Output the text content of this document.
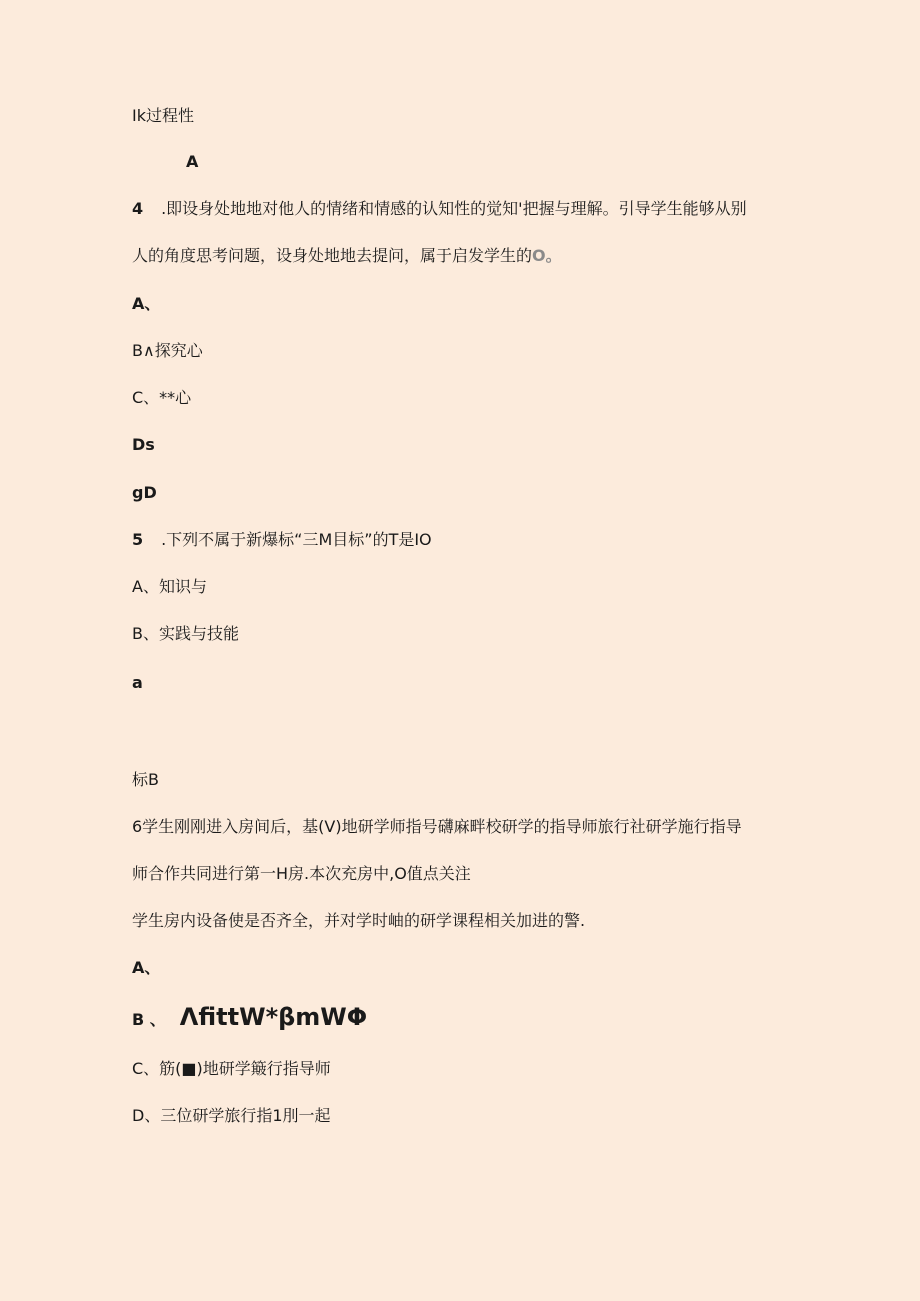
Ik过程性
A
4 .即设身处地地对他人的情绪和情感的认知性的觉知'把握与理解。引导学生能够从别
人的角度思考问题，设身处地地去提问，属于启发学生的O。
A、
B∧探究心
C、**心
Ds
gD
5 .下列不属于新爆标“三M目标”的T是IO
A、知识与
B、实践与技能
a
标B
6学生刚刚进入房间后，基(V)地研学师指号礴麻畔校研学的指导师旅行社研学施行指导
师合作共同进行第一H房.本次充房中,O值点关注
学生房内设备使是否齐全，并对学时岫的研学课程相关加进的警.
A、
B 、 ΛfittW*βmWΦ
C、筋(■)地研学簸行指导师
D、三位研学旅行指1刖一起
